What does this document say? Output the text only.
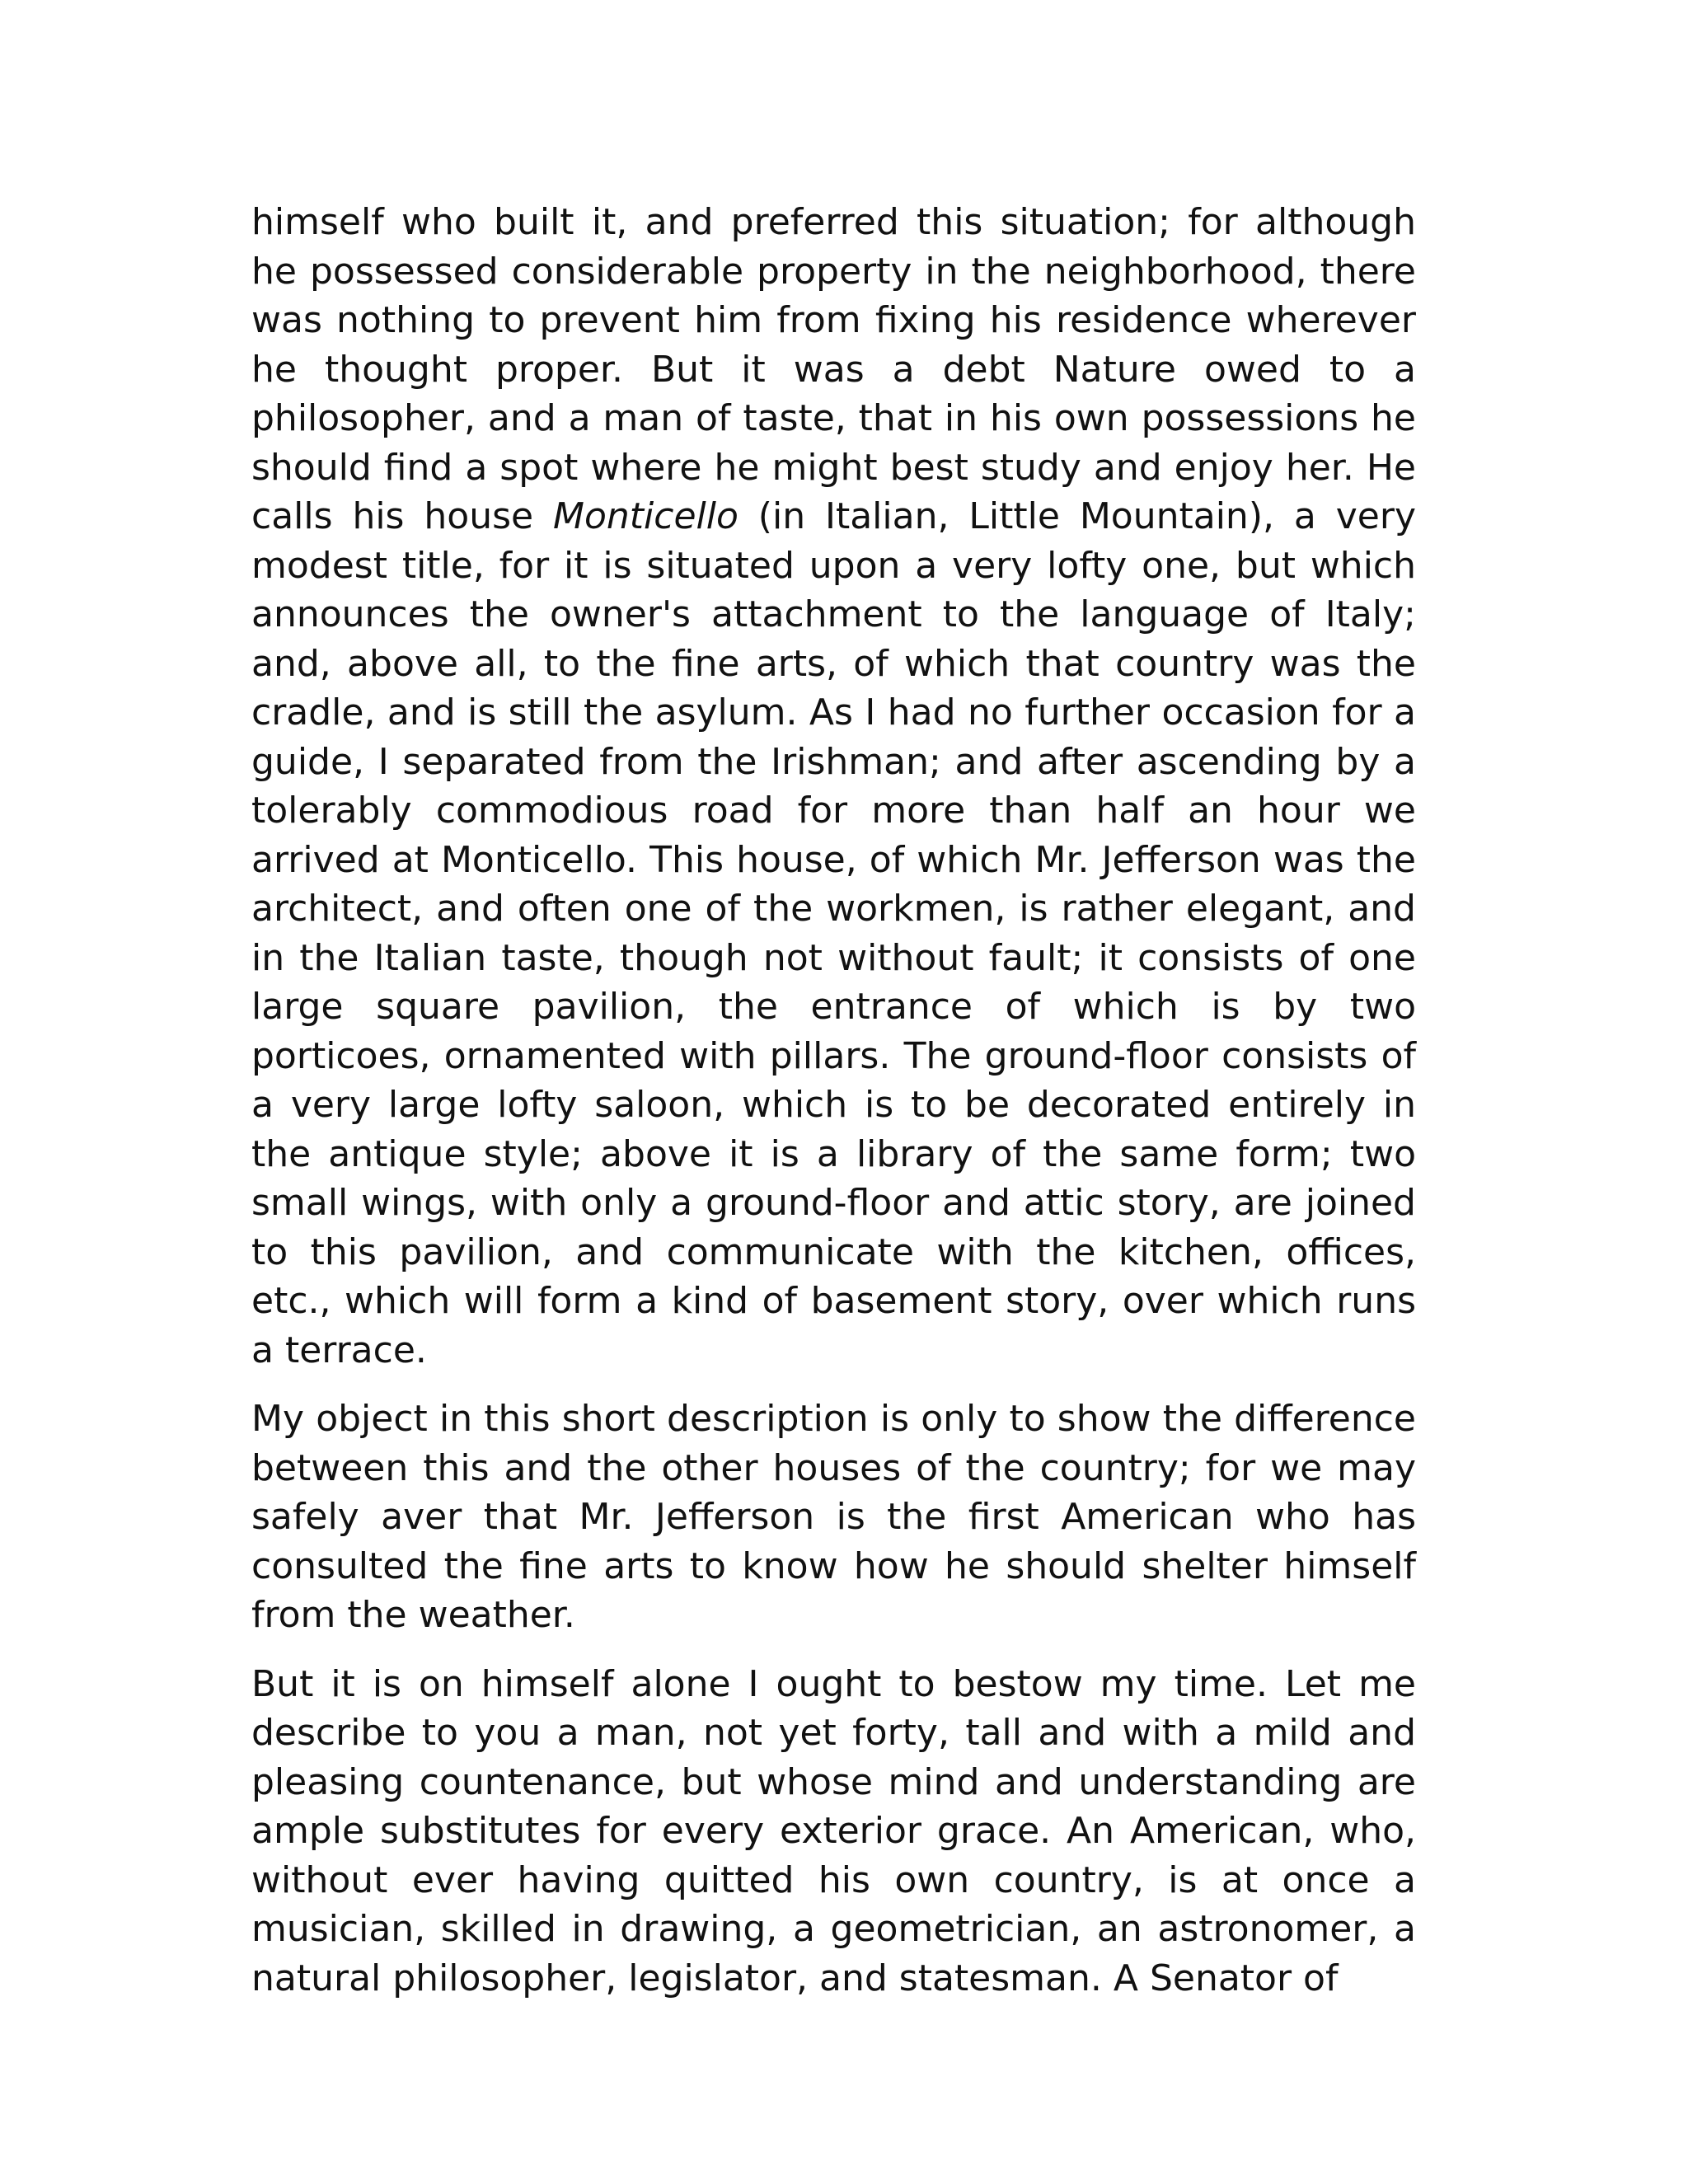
himself who built it, and preferred this situation; for although he possessed considerable property in the neighborhood, there was nothing to prevent him from fixing his residence wherever he thought proper. But it was a debt Nature owed to a philosopher, and a man of taste, that in his own possessions he should find a spot where he might best study and enjoy her. He calls his house Monticello (in Italian, Little Mountain), a very modest title, for it is situated upon a very lofty one, but which announces the owner's attachment to the language of Italy; and, above all, to the fine arts, of which that country was the cradle, and is still the asylum. As I had no further occasion for a guide, I separated from the Irishman; and after ascending by a tolerably commodious road for more than half an hour we arrived at Monticello. This house, of which Mr. Jefferson was the architect, and often one of the workmen, is rather elegant, and in the Italian taste, though not without fault; it consists of one large square pavilion, the entrance of which is by two porticoes, ornamented with pillars. The ground-floor consists of a very large lofty saloon, which is to be decorated entirely in the antique style; above it is a library of the same form; two small wings, with only a ground-floor and attic story, are joined to this pavilion, and communicate with the kitchen, offices, etc., which will form a kind of basement story, over which runs a terrace.

My object in this short description is only to show the difference between this and the other houses of the country; for we may safely aver that Mr. Jefferson is the first American who has consulted the fine arts to know how he should shelter himself from the weather.

But it is on himself alone I ought to bestow my time. Let me describe to you a man, not yet forty, tall and with a mild and pleasing countenance, but whose mind and understanding are ample substitutes for every exterior grace. An American, who, without ever having quitted his own country, is at once a musician, skilled in drawing, a geometrician, an astronomer, a natural philosopher, legislator, and statesman. A Senator of
